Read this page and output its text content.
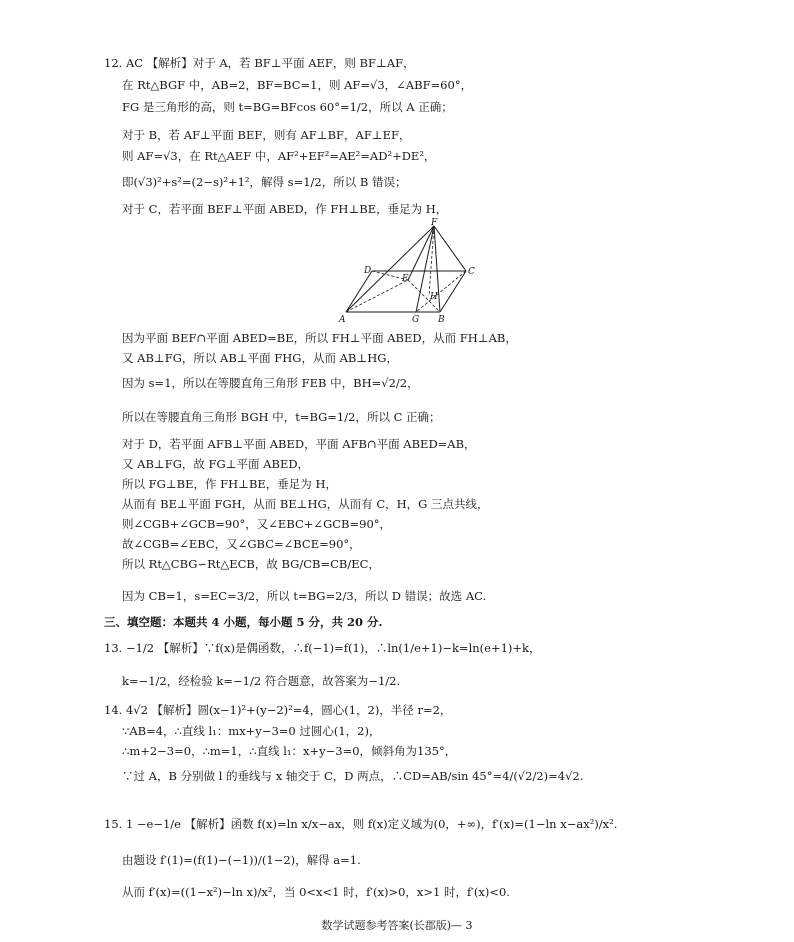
12. AC 【解析】对于 A，若 BF⊥平面 AEF，则 BF⊥AF，
在 Rt△BGF 中，AB=2，BF=BC=1，则 AF=√3，∠ABF=60°，
FG 是三角形的高，则 t=BG=BFcos 60°=1/2，所以 A 正确；
对于 B，若 AF⊥平面 BEF，则有 AF⊥BF，AF⊥EF，
则 AF=√3，在 Rt△AEF 中，AF²+EF²=AE²=AD²+DE²，
即(√3)²+s²=(2−s)²+1²，解得 s=1/2，所以 B 错误；
对于 C，若平面 BEF⊥平面 ABED，作 FH⊥BE，垂足为 H，
F
D
E
C
H
A	G B
因为平面 BEF∩平面 ABED=BE，所以 FH⊥平面 ABED，从而 FH⊥AB，
又 AB⊥FG，所以 AB⊥平面 FHG，从而 AB⊥HG，
因为 s=1，所以在等腰直角三角形 FEB 中，BH=√2/2，
所以在等腰直角三角形 BGH 中，t=BG=1/2，所以 C 正确；
对于 D，若平面 AFB⊥平面 ABED，平面 AFB∩平面 ABED=AB，
又 AB⊥FG，故 FG⊥平面 ABED，
所以 FG⊥BE，作 FH⊥BE，垂足为 H，
从而有 BE⊥平面 FGH，从而 BE⊥HG，从而有 C，H，G 三点共线，
则∠CGB+∠GCB=90°，又∠EBC+∠GCB=90°，
故∠CGB=∠EBC，又∠GBC=∠BCE=90°，
所以 Rt△CBG∽Rt△ECB，故 BG/CB=CB/EC，
因为 CB=1，s=EC=3/2，所以 t=BG=2/3，所以 D 错误；故选 AC.
三、填空题：本题共 4 小题，每小题 5 分，共 20 分.
13. −1/2 【解析】∵f(x)是偶函数，∴f(−1)=f(1)，∴ln(1/e+1)−k=ln(e+1)+k，
k=−1/2，经检验 k=−1/2 符合题意，故答案为−1/2.
14. 4√2 【解析】圆(x−1)²+(y−2)²=4，圆心(1，2)，半径 r=2，
∵AB=4，∴直线 l₁：mx+y−3=0 过圆心(1，2)，
∴m+2−3=0，∴m=1，∴直线 l₁：x+y−3=0，倾斜角为135°，
∵过 A，B 分别做 l 的垂线与 x 轴交于 C，D 两点，∴CD=AB/sin 45°=4/(√2/2)=4√2.
15. 1 −e−1/e 【解析】函数 f(x)=ln x/x−ax，则 f(x)定义域为(0，+∞)，f′(x)=(1−ln x−ax²)/x².
由题设 f′(1)=(f(1)−(−1))/(1−2)，解得 a=1.
从而 f′(x)=((1−x²)−ln x)/x²，当 0<x<1 时，f′(x)>0，x>1 时，f′(x)<0.
数学试题参考答案(长郡版)— 3
